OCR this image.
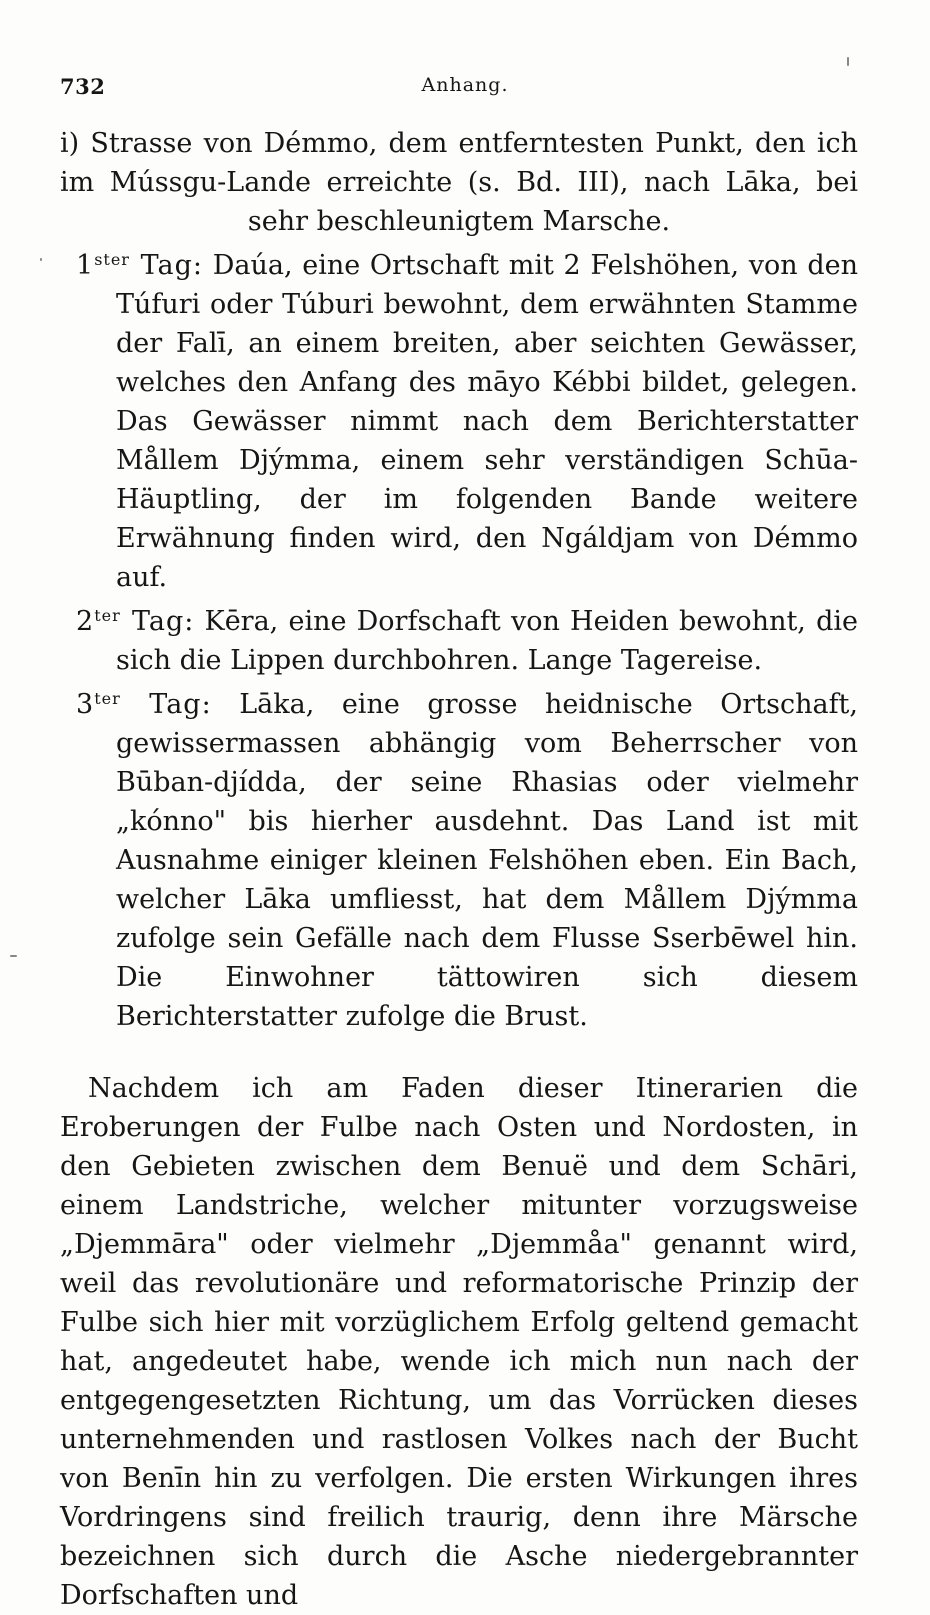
732	Anhang.

i) Strasse von Démmo, dem entferntesten Punkt, den ich im Mússgu-Lande erreichte (s. Bd. III), nach Lāka, bei sehr beschleunigtem Marsche.

$1^{ster}$ Tag: Daúa, eine Ortschaft mit 2 Felshöhen, von den Túfuri oder Túburi bewohnt, dem erwähnten Stamme der Falī, an einem breiten, aber seichten Gewässer, welches den Anfang des māyo Kébbi bildet, gelegen. Das Gewässer nimmt nach dem Berichterstatter Mållem Djýmma, einem sehr verständigen Schūa-Häuptling, der im folgenden Bande weitere Erwähnung finden wird, den Ngáldjam von Démmo auf.

$2^{ter}$ Tag: Kēra, eine Dorfschaft von Heiden bewohnt, die sich die Lippen durchbohren. Lange Tagereise.

$3^{ter}$ Tag: Lāka, eine grosse heidnische Ortschaft, gewissermassen abhängig vom Beherrscher von Būban-djídda, der seine Rhasias oder vielmehr „kónno" bis hierher ausdehnt. Das Land ist mit Ausnahme einiger kleinen Felshöhen eben. Ein Bach, welcher Lāka umfliesst, hat dem Mållem Djýmma zufolge sein Gefälle nach dem Flusse Sserbēwel hin. Die Einwohner tättowiren sich diesem Berichterstatter zufolge die Brust.

Nachdem ich am Faden dieser Itinerarien die Eroberungen der Fulbe nach Osten und Nordosten, in den Gebieten zwischen dem Benuë und dem Schāri, einem Landstriche, welcher mitunter vorzugsweise „Djemmāra" oder vielmehr „Djemmåa" genannt wird, weil das revolutionäre und reformatorische Prinzip der Fulbe sich hier mit vorzüglichem Erfolg geltend gemacht hat, angedeutet habe, wende ich mich nun nach der entgegengesetzten Richtung, um das Vorrücken dieses unternehmenden und rastlosen Volkes nach der Bucht von Benīn hin zu verfolgen. Die ersten Wirkungen ihres Vordringens sind freilich traurig, denn ihre Märsche bezeichnen sich durch die Asche niedergebrannter Dorfschaften und
